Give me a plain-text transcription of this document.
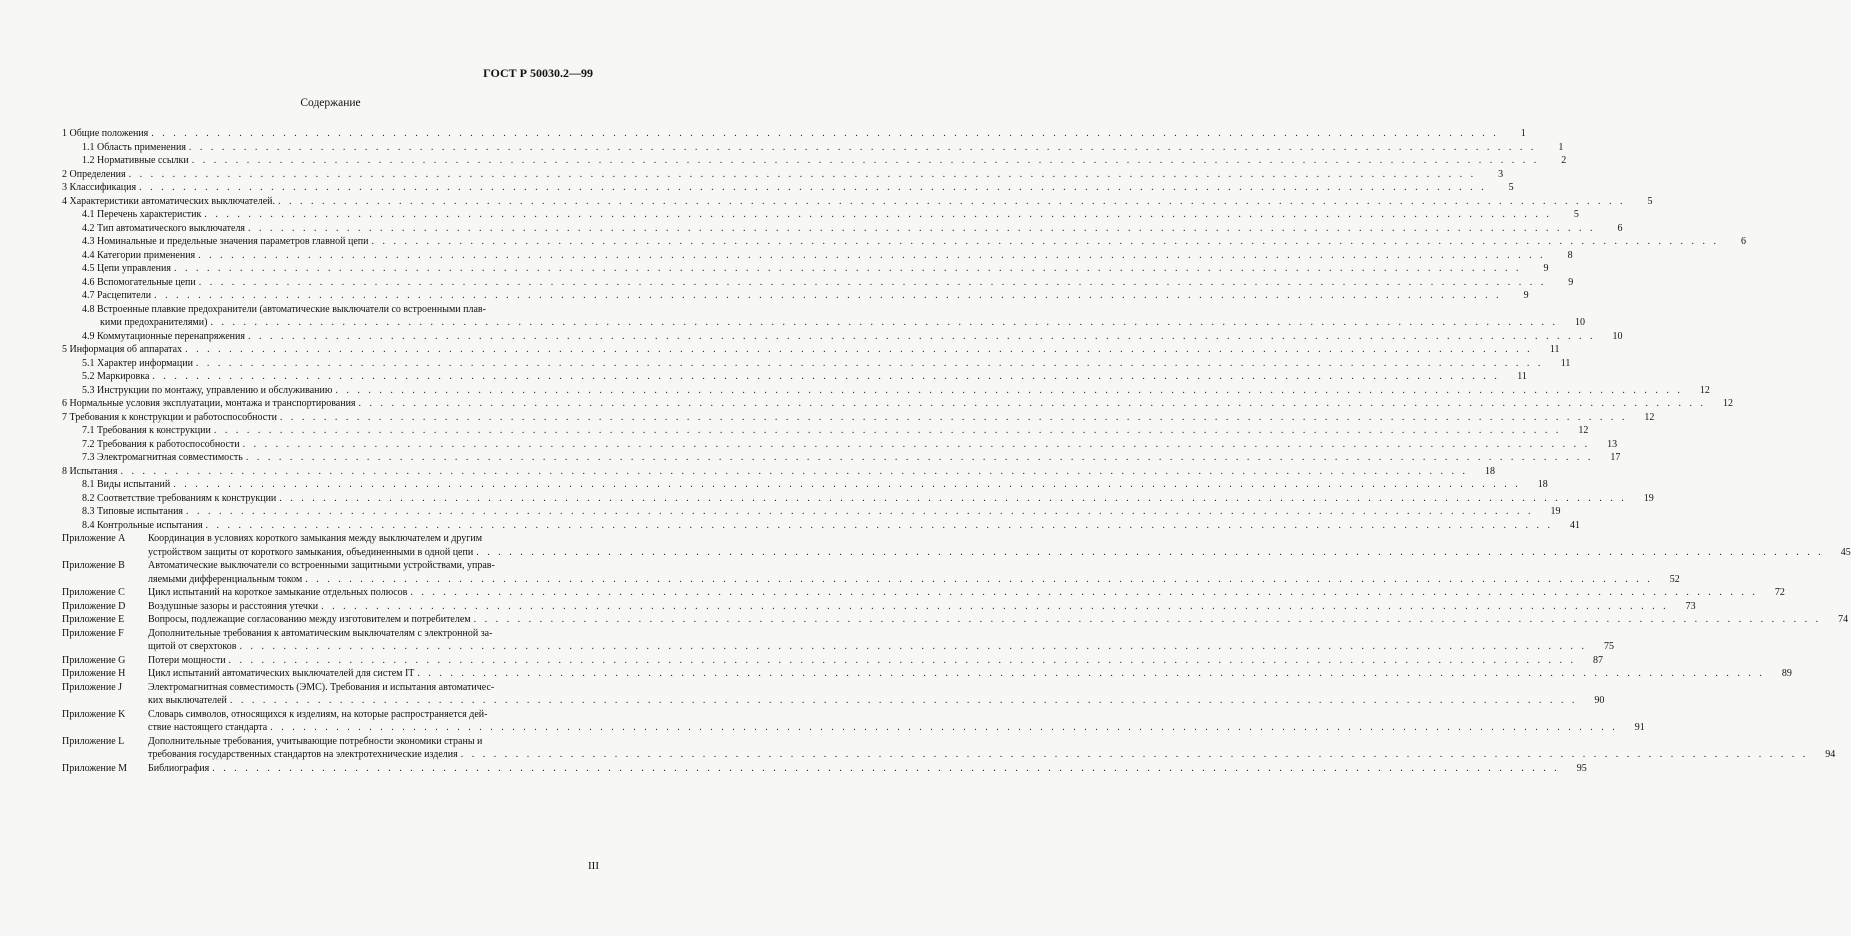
ГОСТ Р 50030.2—99
Содержание
1 Общие положения . . .	1
1.1 Область применения . . .	1
1.2 Нормативные ссылки . . .	2
2 Определения . . .	3
3 Классификация . . .	5
4 Характеристики автоматических выключателей. . . .	5
4.1 Перечень характеристик . . .	5
4.2 Тип автоматического выключателя . . .	6
4.3 Номинальные и предельные значения параметров главной цепи . . .	6
4.4 Категории применения . . .	8
4.5 Цепи управления . . .	9
4.6 Вспомогательные цепи . . .	9
4.7 Расцепители . . .	9
4.8 Встроенные плавкие предохранители (автоматические выключатели со встроенными плав-
кими предохранителями) . . .	10
4.9 Коммутационные перенапряжения . . .	10
5 Информация об аппаратах . . .	11
5.1 Характер информации . . .	11
5.2 Маркировка . . .	11
5.3 Инструкции по монтажу, управлению и обслуживанию . . .	12
6 Нормальные условия эксплуатации, монтажа и транспортирования . . .	12
7 Требования к конструкции и работоспособности . . .	12
7.1 Требования к конструкции . . .	12
7.2 Требования к работоспособности . . .	13
7.3 Электромагнитная совместимость . . .	17
8 Испытания . . .	18
8.1 Виды испытаний . . .	18
8.2 Соответствие требованиям к конструкции . . .	19
8.3 Типовые испытания . . .	19
8.4 Контрольные испытания . . .	41
Приложение A	Координация в условиях короткого замыкания между выключателем и другим
устройством защиты от короткого замыкания, объединенными в одной цепи . . .	45
Приложение B	Автоматические выключатели со встроенными защитными устройствами, управ-
ляемыми дифференциальным током . . .	52
Приложение C	Цикл испытаний на короткое замыкание отдельных полюсов . . .	72
Приложение D	Воздушные зазоры и расстояния утечки . . .	73
Приложение E	Вопросы, подлежащие согласованию между изготовителем и потребителем . . .	74
Приложение F	Дополнительные требования к автоматическим выключателям с электронной за-
щитой от сверхтоков . . .	75
Приложение G	Потери мощности . . .	87
Приложение H	Цикл испытаний автоматических выключателей для систем IT . . .	89
Приложение J	Электромагнитная совместимость (ЭМС). Требования и испытания автоматичес-
ких выключателей . . .	90
Приложение K	Словарь символов, относящихся к изделиям, на которые распространяется дей-
ствие настоящего стандарта . . .	91
Приложение L	Дополнительные требования, учитывающие потребности экономики страны и
требования государственных стандартов на электротехнические изделия . . .	94
Приложение M	Библиография . . .	95
III
